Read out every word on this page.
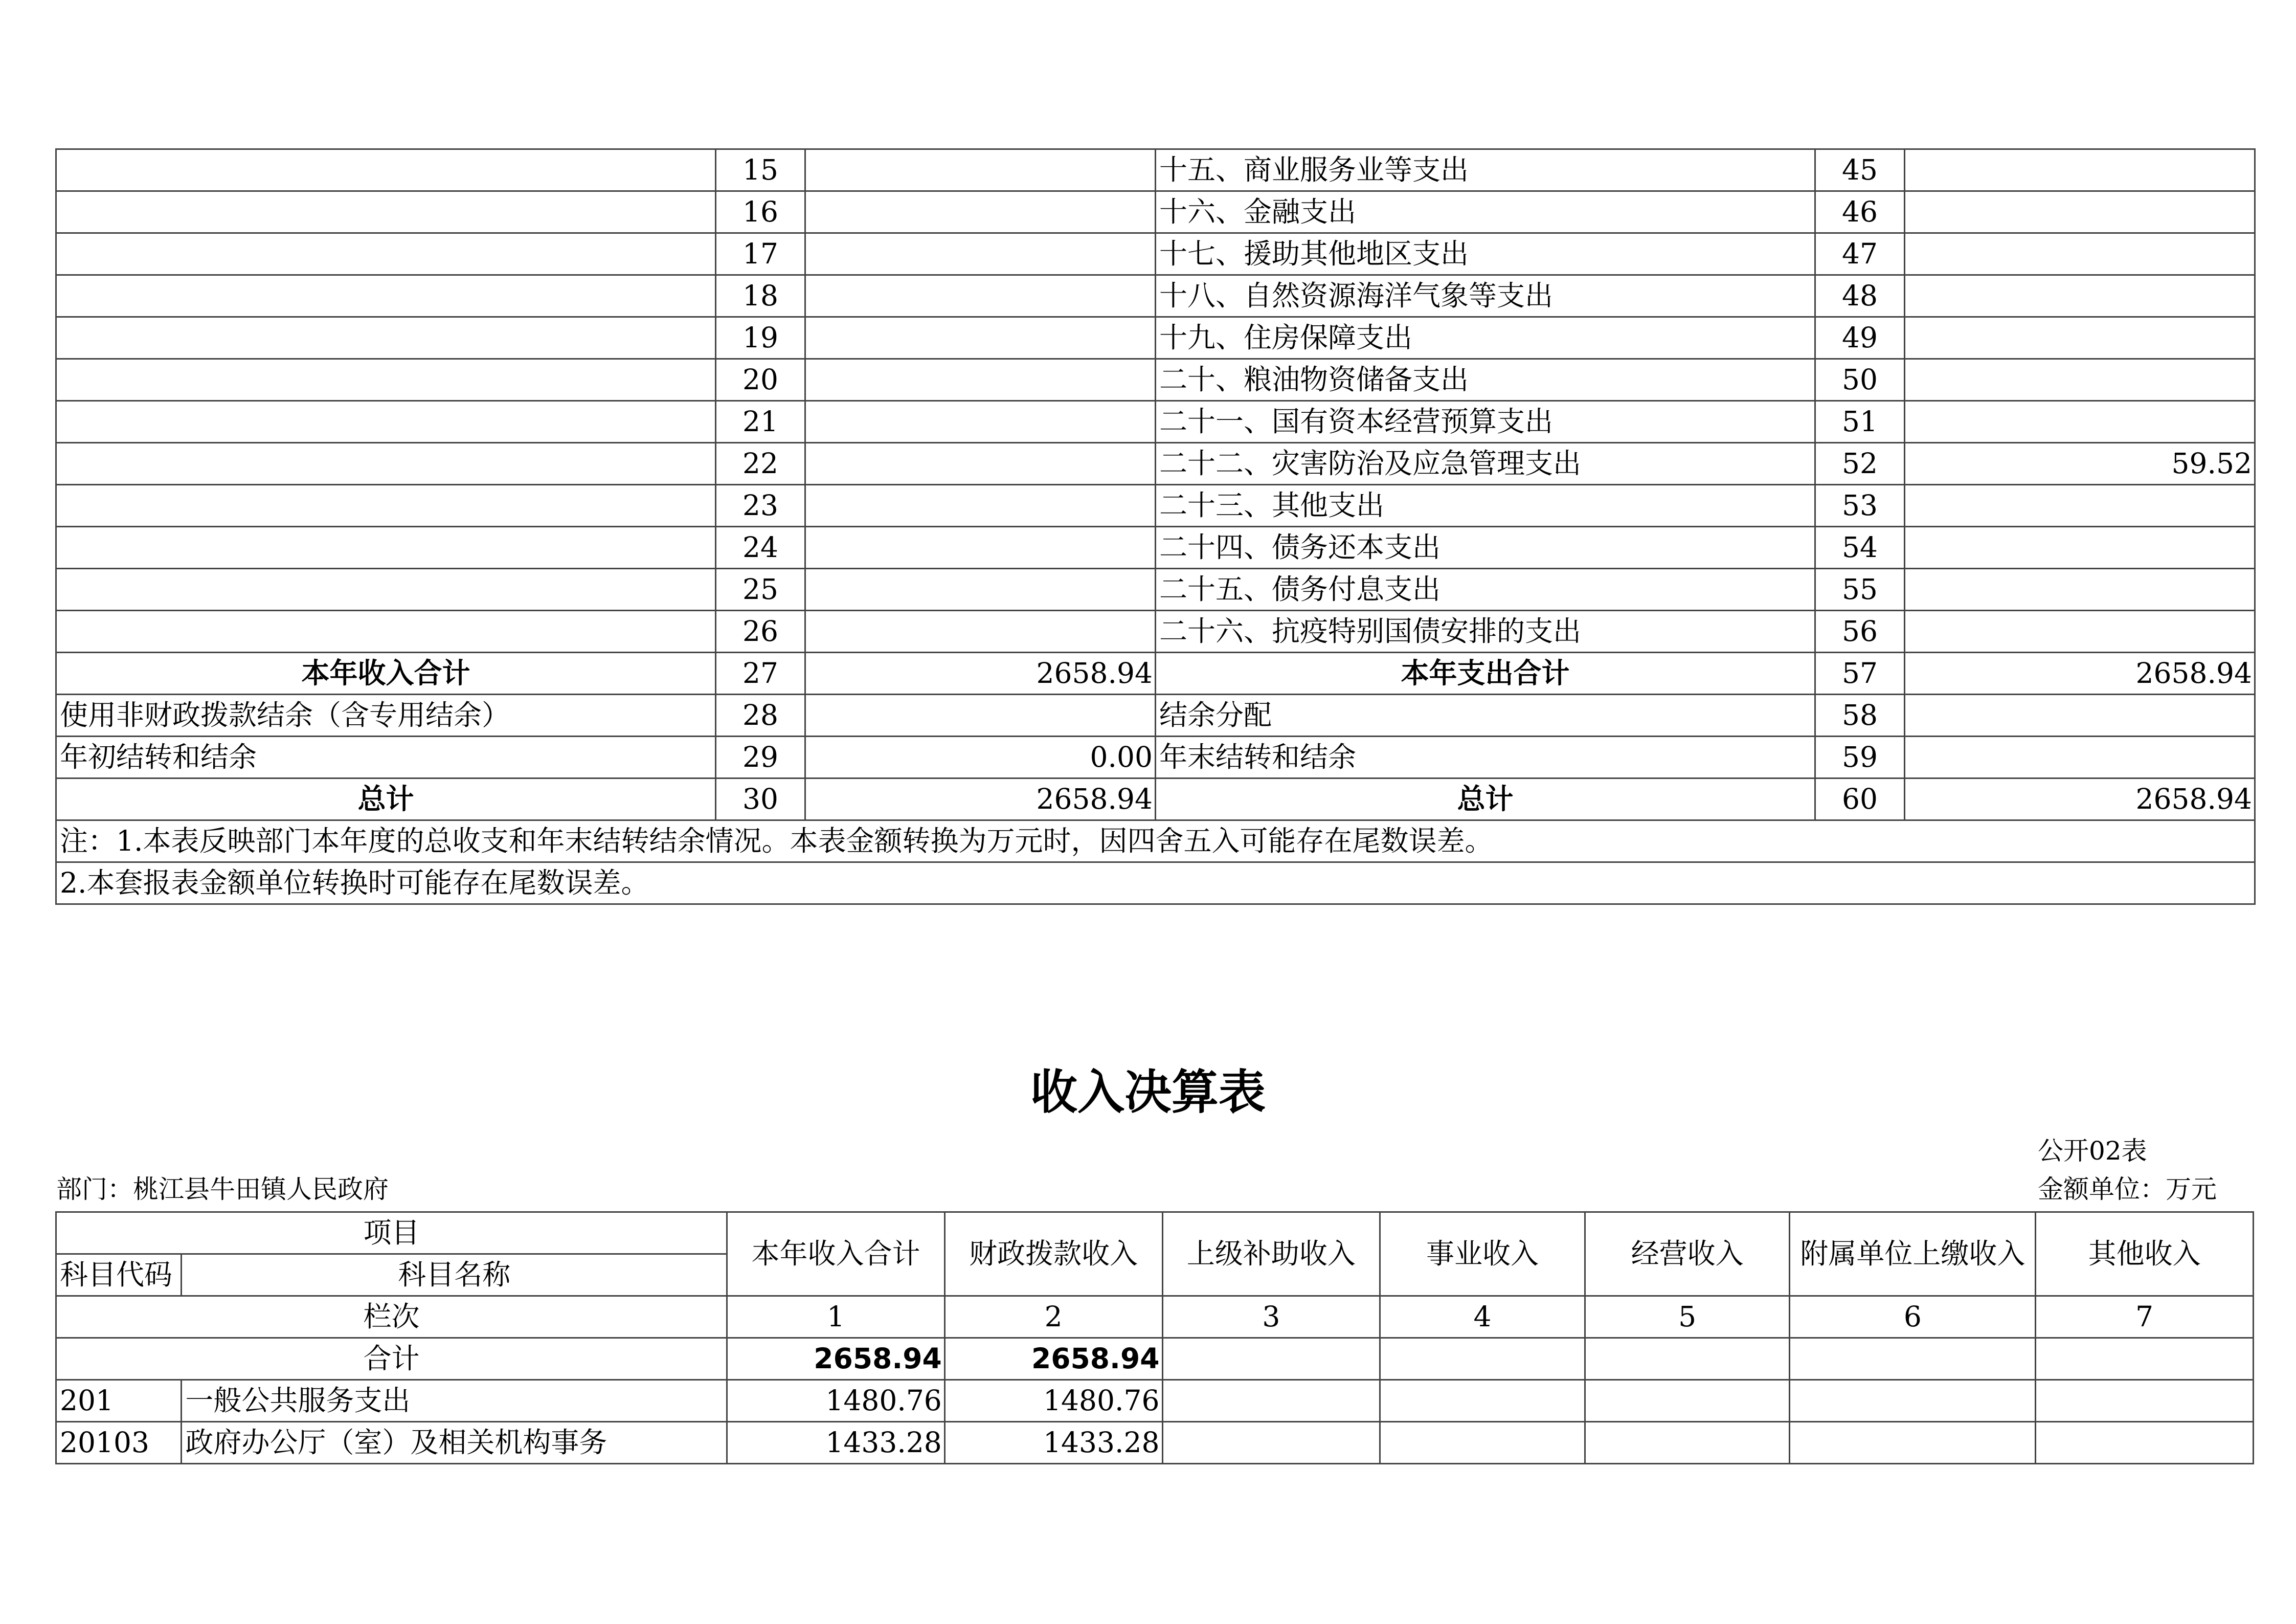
	15		十五、商业服务业等支出	45	
	16		十六、金融支出	46	
	17		十七、援助其他地区支出	47	
	18		十八、自然资源海洋气象等支出	48	
	19		十九、住房保障支出	49	
	20		二十、粮油物资储备支出	50	
	21		二十一、国有资本经营预算支出	51	
	22		二十二、灾害防治及应急管理支出	52	59.52
	23		二十三、其他支出	53	
	24		二十四、债务还本支出	54	
	25		二十五、债务付息支出	55	
	26		二十六、抗疫特别国债安排的支出	56	
本年收入合计	27	2658.94	本年支出合计	57	2658.94
使用非财政拨款结余（含专用结余）	28		结余分配	58	
年初结转和结余	29	0.00	年末结转和结余	59	
总计	30	2658.94	总计	60	2658.94
注：1.本表反映部门本年度的总收支和年末结转结余情况。本表金额转换为万元时，因四舍五入可能存在尾数误差。					
2.本套报表金额单位转换时可能存在尾数误差。					
收入决算表
公开02表
部门：桃江县牛田镇人民政府	金额单位：万元
项目		本年收入合计	财政拨款收入	上级补助收入	事业收入	经营收入	附属单位上缴收入	其他收入
科目代码	科目名称							
栏次		1	2	3	4	5	6	7
合计		2658.94	2658.94					
201	一般公共服务支出	1480.76	1480.76					
20103	政府办公厅（室）及相关机构事务	1433.28	1433.28					
